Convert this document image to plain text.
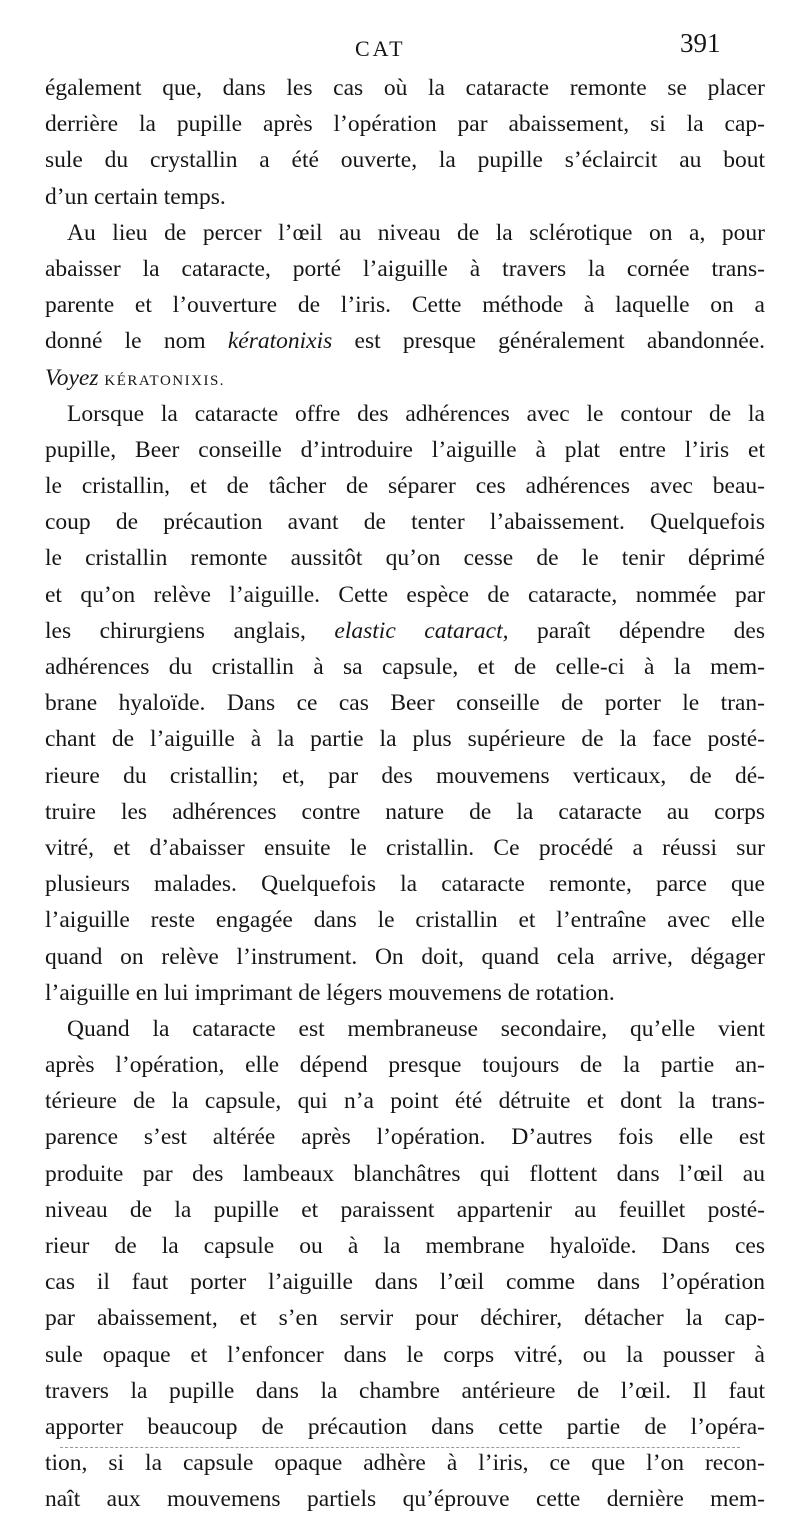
CAT	391
également que, dans les cas où la cataracte remonte se placer
derrière la pupille après l’opération par abaissement, si la cap-
sule du crystallin a été ouverte, la pupille s’éclaircit au bout
d’un certain temps.
Au lieu de percer l’œil au niveau de la sclérotique on a, pour
abaisser la cataracte, porté l’aiguille à travers la cornée trans-
parente et l’ouverture de l’iris. Cette méthode à laquelle on a
donné le nom kératonixis est presque généralement abandonnée.
Voyez KÉRATONIXIS.
Lorsque la cataracte offre des adhérences avec le contour de la
pupille, Beer conseille d’introduire l’aiguille à plat entre l’iris et
le cristallin, et de tâcher de séparer ces adhérences avec beau-
coup de précaution avant de tenter l’abaissement. Quelquefois
le cristallin remonte aussitôt qu’on cesse de le tenir déprimé
et qu’on relève l’aiguille. Cette espèce de cataracte, nommée par
les chirurgiens anglais, elastic cataract, paraît dépendre des
adhérences du cristallin à sa capsule, et de celle-ci à la mem-
brane hyaloïde. Dans ce cas Beer conseille de porter le tran-
chant de l’aiguille à la partie la plus supérieure de la face posté-
rieure du cristallin; et, par des mouvemens verticaux, de dé-
truire les adhérences contre nature de la cataracte au corps
vitré, et d’abaisser ensuite le cristallin. Ce procédé a réussi sur
plusieurs malades. Quelquefois la cataracte remonte, parce que
l’aiguille reste engagée dans le cristallin et l’entraîne avec elle
quand on relève l’instrument. On doit, quand cela arrive, dégager
l’aiguille en lui imprimant de légers mouvemens de rotation.
Quand la cataracte est membraneuse secondaire, qu’elle vient
après l’opération, elle dépend presque toujours de la partie an-
térieure de la capsule, qui n’a point été détruite et dont la trans-
parence s’est altérée après l’opération. D’autres fois elle est
produite par des lambeaux blanchâtres qui flottent dans l’œil au
niveau de la pupille et paraissent appartenir au feuillet posté-
rieur de la capsule ou à la membrane hyaloïde. Dans ces
cas il faut porter l’aiguille dans l’œil comme dans l’opération
par abaissement, et s’en servir pour déchirer, détacher la cap-
sule opaque et l’enfoncer dans le corps vitré, ou la pousser à
travers la pupille dans la chambre antérieure de l’œil. Il faut
apporter beaucoup de précaution dans cette partie de l’opéra-
tion, si la capsule opaque adhère à l’iris, ce que l’on recon-
naît aux mouvemens partiels qu’éprouve cette dernière mem-
